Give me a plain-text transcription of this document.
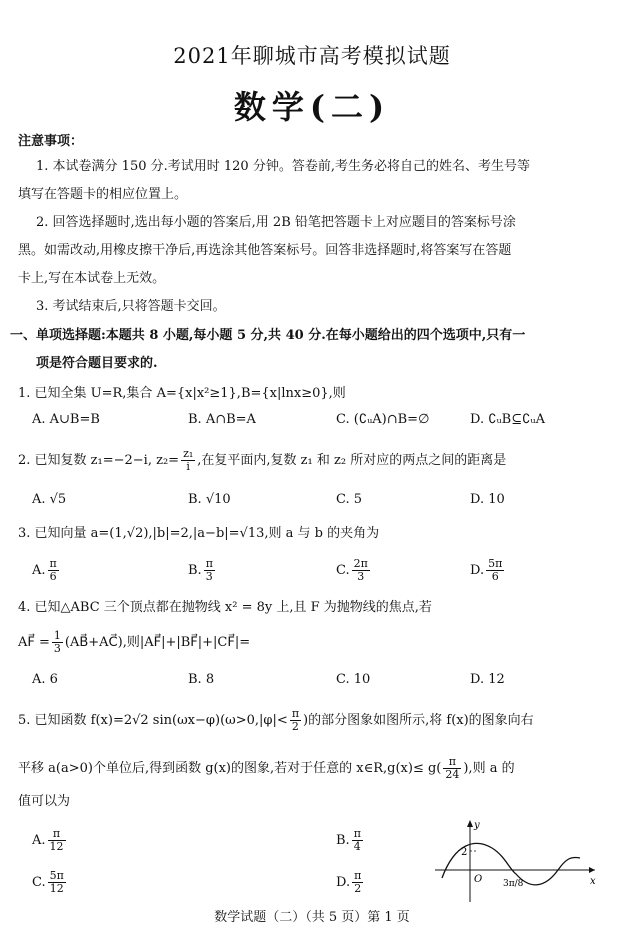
2021年聊城市高考模拟试题
数学(二)
注意事项：
1. 本试卷满分 150 分.考试用时 120 分钟。答卷前,考生务必将自己的姓名、考生号等
填写在答题卡的相应位置上。
2. 回答选择题时,选出每小题的答案后,用 2B 铅笔把答题卡上对应题目的答案标号涂
黑。如需改动,用橡皮擦干净后,再选涂其他答案标号。回答非选择题时,将答案写在答题
卡上,写在本试卷上无效。
3. 考试结束后,只将答题卡交回。
一、单项选择题:本题共 8 小题,每小题 5 分,共 40 分.在每小题给出的四个选项中,只有一
项是符合题目要求的.
1. 已知全集 U=R,集合 A={x|x²≥1},B={x|lnx≥0},则
A. A∪B=B	B. A∩B=A	C. (∁ᵤA)∩B=∅	D. ∁ᵤB⊆∁ᵤA
2. 已知复数 z₁=−2−i, $z_2= \frac{\text{z₁}}{i}$ ,在复平面内,复数 z₁ 和 z₂ 所对应的两点之间的距离是
A. √5	B. √10	C. 5	D. 10
3. 已知向量 a=(1,√2),|b|=2,|a−b|=√13,则 a 与 b 的夹角为
A. $\frac{\pi}{6}$	B. $\frac{\pi}{3}$	C. $\frac{2\pi}{3}$	D. $\frac{5\pi}{6}$
4. 已知△ABC 三个顶点都在抛物线 x² = 8y 上,且 F 为抛物线的焦点,若
AF⃗ = $\frac{1}{3}$ (AB⃗+AC⃗),则|AF⃗|+|BF⃗|+|CF⃗|=
A. 6	B. 8	C. 10	D. 12
5. 已知函数 f(x)=2√2 $\sin(\omega x-\varphi)(\omega>0,|\varphi|< \frac{\pi}{2}$ )的部分图象如图所示,将 f(x)的图象向右
平移 a(a>0)个单位后,得到函数 g(x)的图象,若对于任意的 x∈R,g(x)≤ $g( \frac{\pi}{24}$ ),则 a 的
值可以为
A. $\frac{\pi}{12}$	B. $\frac{\pi}{4}$
C. $\frac{5\pi}{12}$	D. $\frac{\pi}{2}$
2
y
x
O 3π/8
数学试题（二）（共 5 页）第 1 页
